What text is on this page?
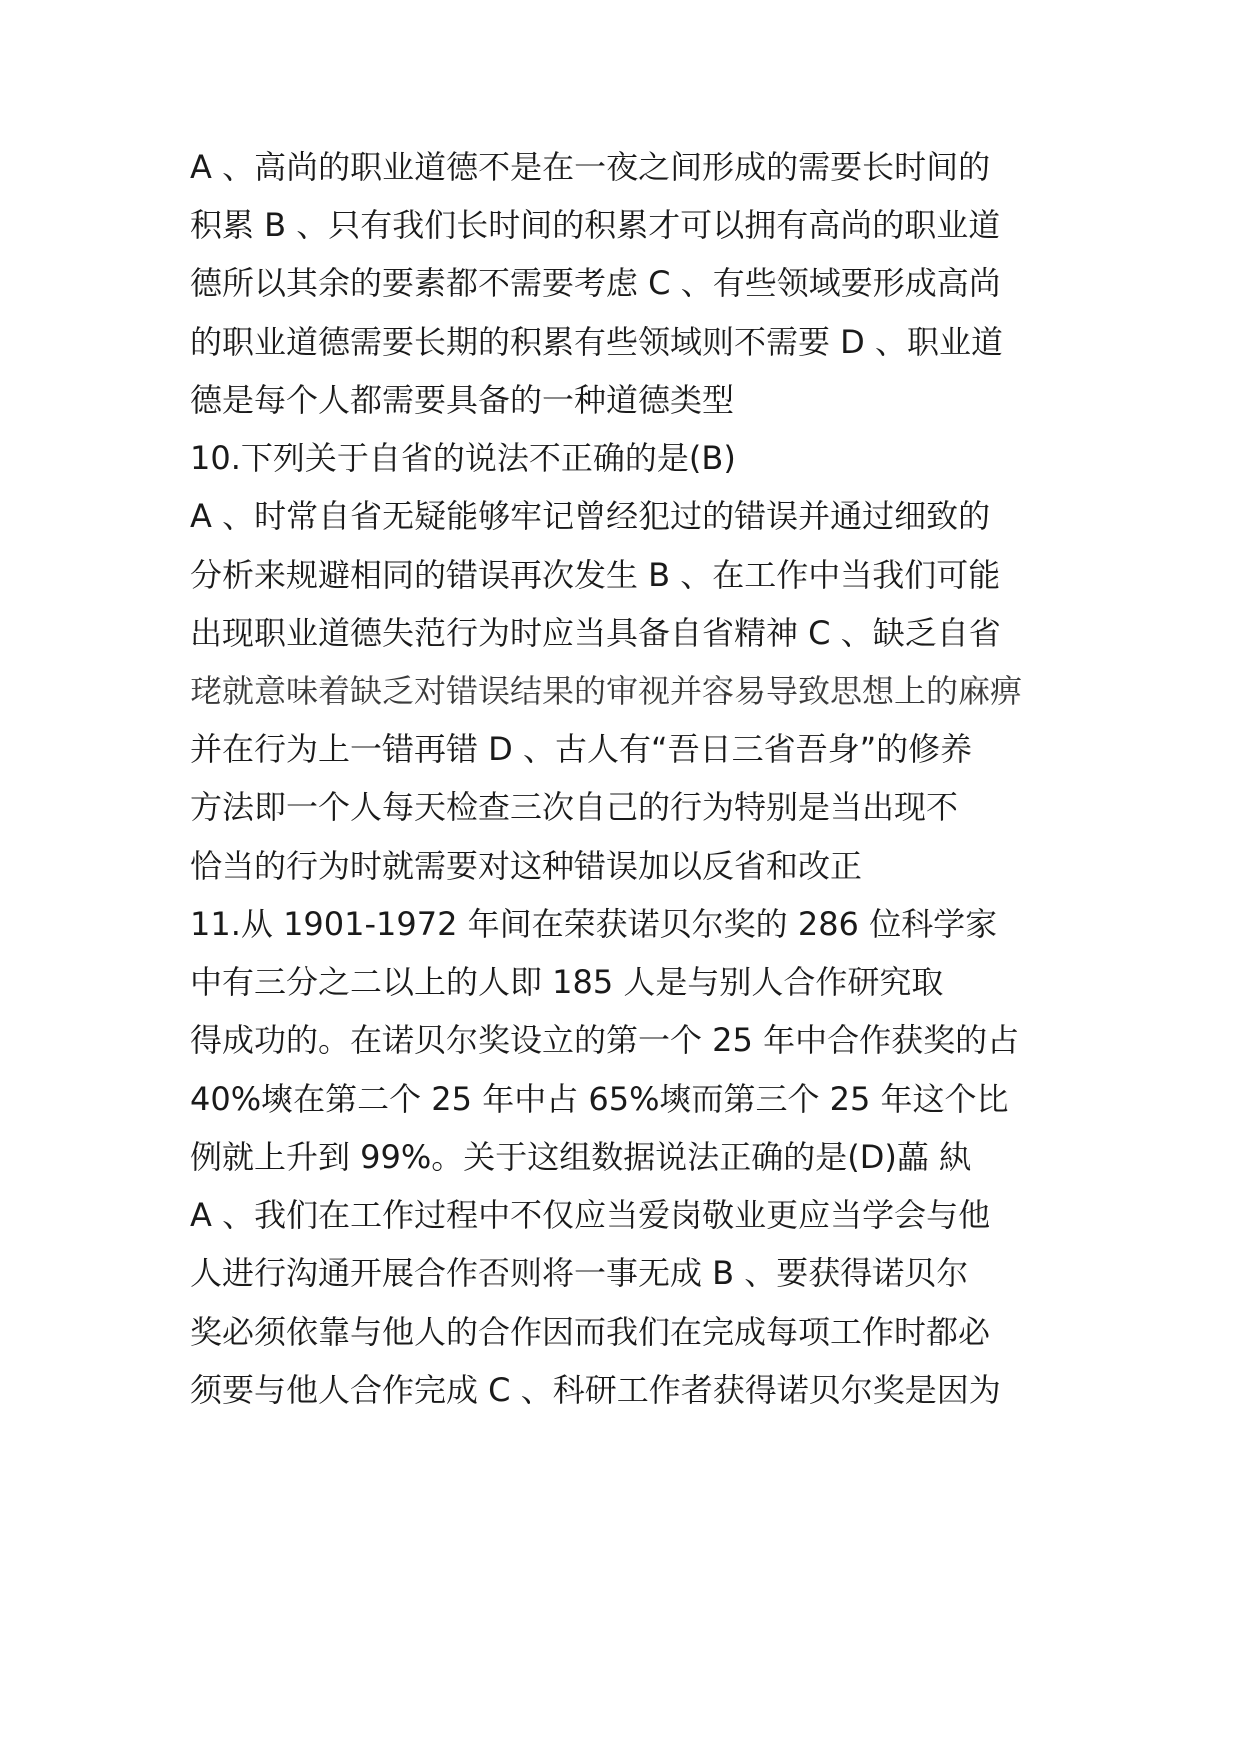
A 、高尚的职业道德不是在一夜之间形成的需要长时间的
积累 B 、只有我们长时间的积累才可以拥有高尚的职业道
德所以其余的要素都不需要考虑 C 、有些领域要形成高尚
的职业道德需要长期的积累有些领域则不需要 D 、职业道
德是每个人都需要具备的一种道德类型
10.下列关于自省的说法不正确的是(B)
A 、时常自省无疑能够牢记曾经犯过的错误并通过细致的
分析来规避相同的错误再次发生 B 、在工作中当我们可能
出现职业道德失范行为时应当具备自省精神 C 、缺乏自省
珯就意味着缺乏对错误结果的审视并容易导致思想上的麻痹
并在行为上一错再错 D 、古人有“吾日三省吾身”的修养
方法即一个人每天检查三次自己的行为特别是当出现不
恰当的行为时就需要对这种错误加以反省和改正
11.从 1901-1972 年间在荣获诺贝尔奖的 286 位科学家
中有三分之二以上的人即 185 人是与别人合作研究取
得成功的。在诺贝尔奖设立的第一个 25 年中合作获奖的占
40%塽在第二个 25 年中占 65%塽而第三个 25 年这个比
例就上升到 99%。关于这组数据说法正确的是(D)藟 紈
A 、我们在工作过程中不仅应当爱岗敬业更应当学会与他
人进行沟通开展合作否则将一事无成 B 、要获得诺贝尔
奖必须依靠与他人的合作因而我们在完成每项工作时都必
须要与他人合作完成 C 、科研工作者获得诺贝尔奖是因为
